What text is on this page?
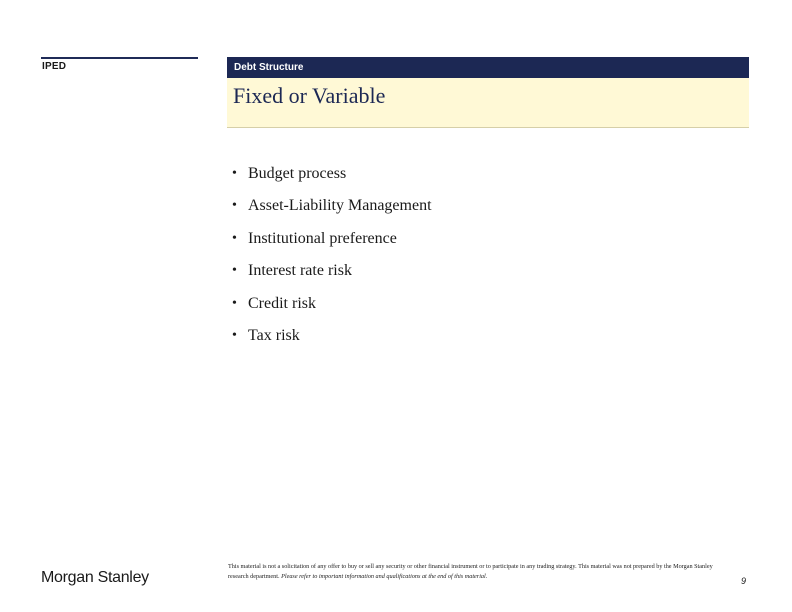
IPED	Debt Structure
Fixed or Variable
• Budget process
• Asset-Liability Management
• Institutional preference
• Interest rate risk
• Credit risk
• Tax risk
Morgan Stanley
This material is not a solicitation of any offer to buy or sell any security or other financial instrument or to participate in any trading strategy. This material was not prepared by the Morgan Stanley research department. Please refer to important information and qualifications at the end of this material.	9
